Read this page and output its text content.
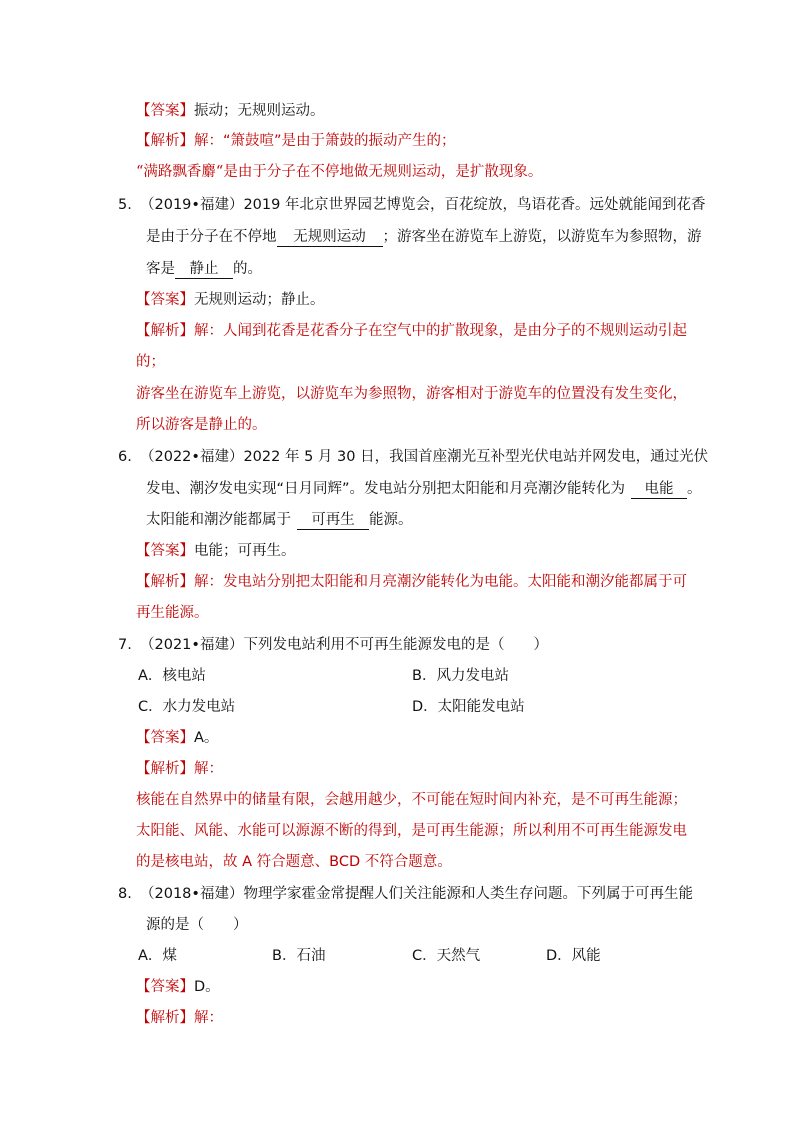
【答案】振动；无规则运动。
【解析】解：“箫鼓喧”是由于箫鼓的振动产生的；
“满路飘香麝“是由于分子在不停地做无规则运动，是扩散现象。
5. （2019•福建）2019 年北京世界园艺博览会，百花绽放，鸟语花香。远处就能闻到花香
是由于分子在不停地 无规则运动 ；游客坐在游览车上游览，以游览车为参照物，游
客是 静止 的。
【答案】无规则运动；静止。
【解析】解：人闻到花香是花香分子在空气中的扩散现象，是由分子的不规则运动引起
的；
游客坐在游览车上游览，以游览车为参照物，游客相对于游览车的位置没有发生变化，
所以游客是静止的。
6. （2022•福建）2022 年 5 月 30 日，我国首座潮光互补型光伏电站并网发电，通过光伏
发电、潮汐发电实现“日月同辉”。发电站分别把太阳能和月亮潮汐能转化为 电能 。
太阳能和潮汐能都属于 可再生 能源。
【答案】电能；可再生。
【解析】解：发电站分别把太阳能和月亮潮汐能转化为电能。太阳能和潮汐能都属于可
再生能源。
7. （2021•福建）下列发电站利用不可再生能源发电的是（　　）
A．核电站	B．风力发电站
C．水力发电站	D．太阳能发电站
【答案】A。
【解析】解：
核能在自然界中的储量有限，会越用越少，不可能在短时间内补充，是不可再生能源；
太阳能、风能、水能可以源源不断的得到，是可再生能源；所以利用不可再生能源发电
的是核电站，故 A 符合题意、BCD 不符合题意。
8. （2018•福建）物理学家霍金常提醒人们关注能源和人类生存问题。下列属于可再生能
源的是（　　）
A．煤	B．石油	C．天然气	D．风能
【答案】D。
【解析】解：
